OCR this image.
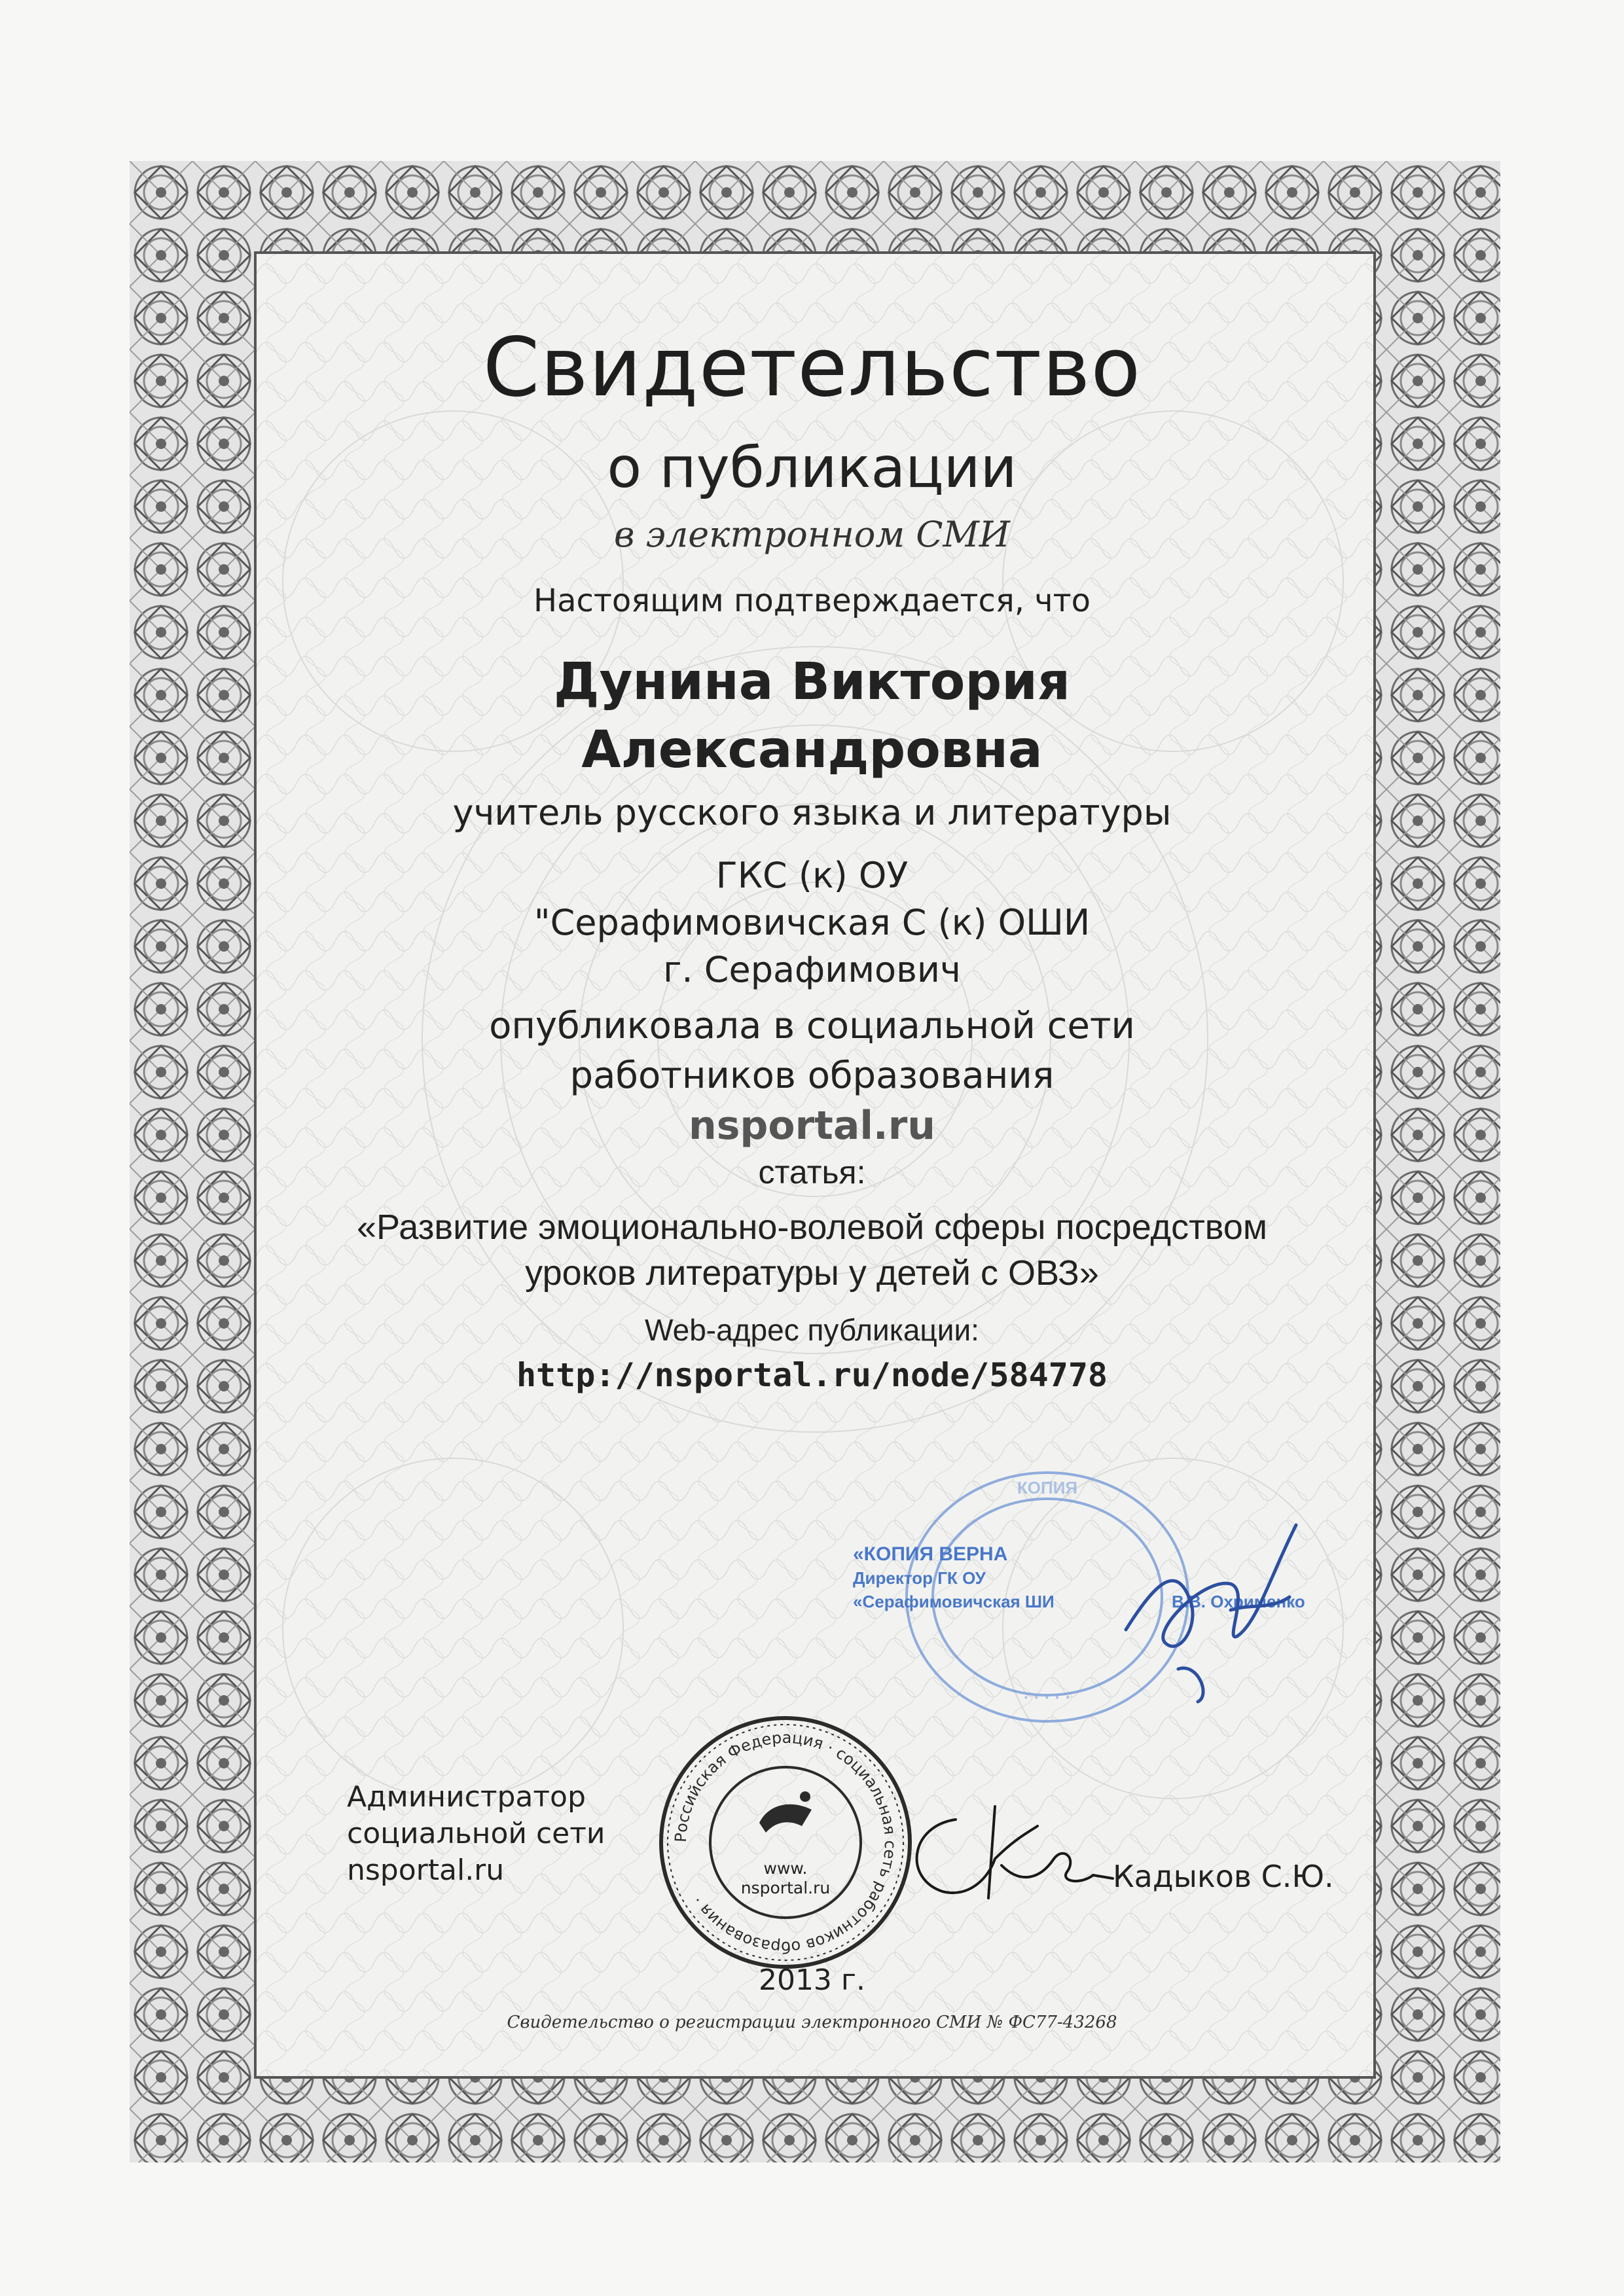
Свидетельство
о публикации
в электронном СМИ
Настоящим подтверждается, что
Дунина Виктория
Александровна
учитель русского языка и литературы
ГКС (к) ОУ
"Серафимовичская С (к) ОШИ
г. Серафимович
опубликовала в социальной сети
работников образования
nsportal.ru
статья:
«Развитие эмоционально-волевой сферы посредством
уроков литературы у детей с ОВЗ»
Web-адрес публикации:
http://nsportal.ru/node/584778
КОПИЯ
· · · · ·
«КОПИЯ ВЕРНА
Директор ГК ОУ
«Серафимовичская ШИ	В.В. Охрименко
Российская Федерация · социальная сеть работников образования ·
www.
nsportal.ru
Администратор
социальной сети
nsportal.ru	Кадыков С.Ю.
2013 г.
Свидетельство о регистрации электронного СМИ № ФС77-43268
